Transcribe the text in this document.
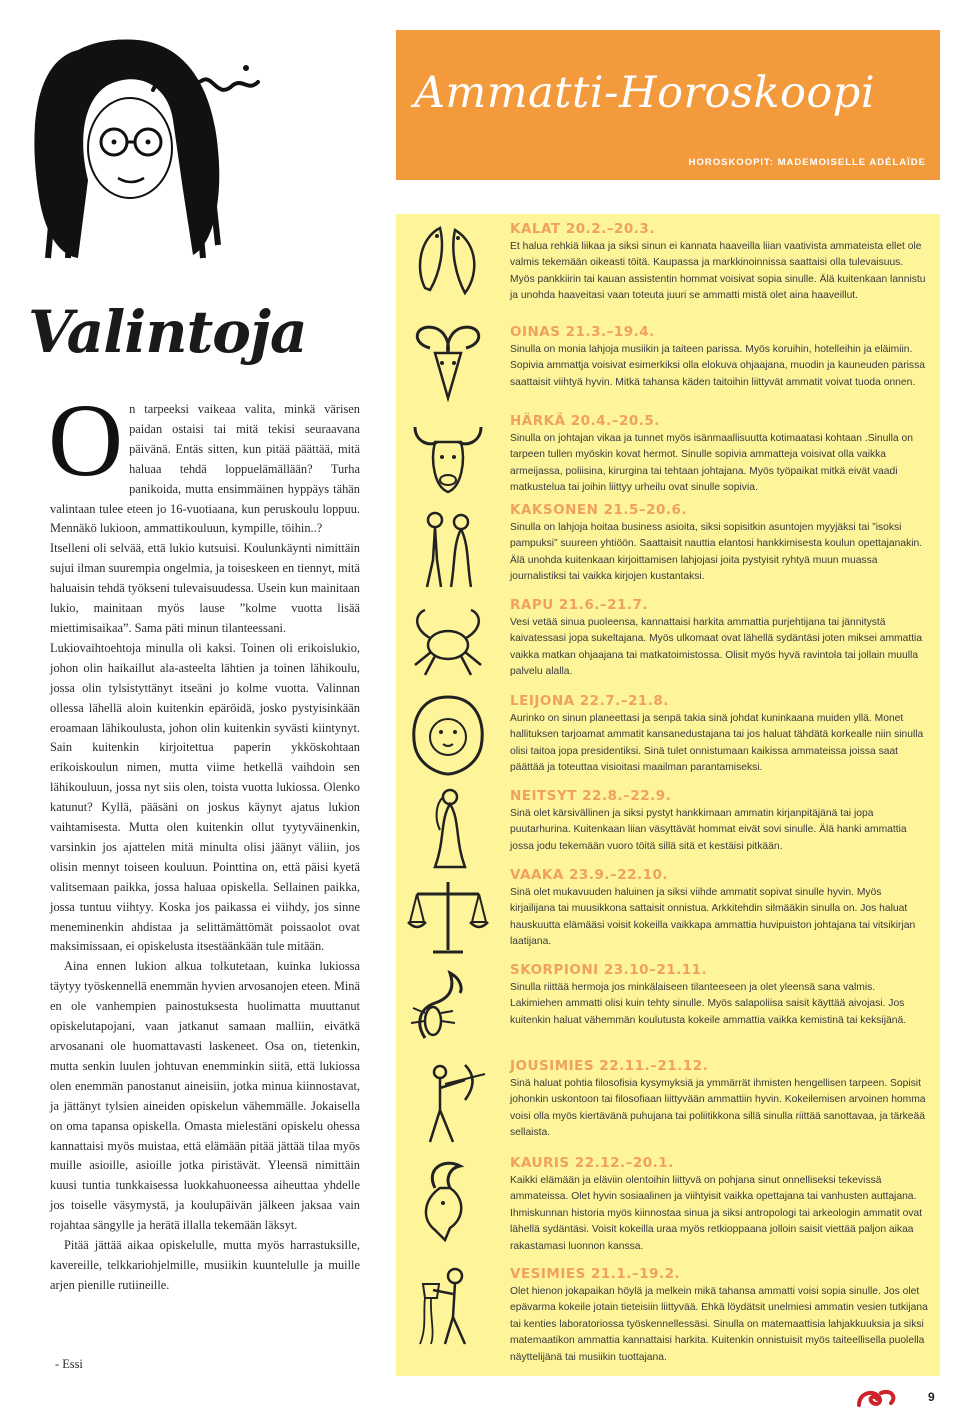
Valintoja

On tarpeeksi vaikeaa valita, minkä värisen paidan ostaisi tai mitä tekisi seuraavana päivänä. Entäs sitten, kun pitää päättää, mitä haluaa tehdä loppuelämällään? Turha panikoida, mutta ensimmäinen hyppäys tähän valintaan tulee eteen jo 16-vuotiaana, kun peruskoulu loppuu. Mennäkö lukioon, ammattikouluun, kympille, töihin..?

Itselleni oli selvää, että lukio kutsuisi. Koulunkäynti nimittäin sujui ilman suurempia ongelmia, ja toiseskeen en tiennyt, mitä haluaisin tehdä työkseni tulevaisuudessa. Usein kun mainitaan lukio, mainitaan myös lause ”kolme vuotta lisää miettimisaikaa”. Sama päti minun tilanteessani.

Lukiovaihtoehtoja minulla oli kaksi. Toinen oli erikoislukio, johon olin haikaillut ala-asteelta lähtien ja toinen lähikoulu, jossa olin tylsistyttänyt itseäni jo kolme vuotta. Valinnan ollessa lähellä aloin kuitenkin epäröidä, josko pystyisinkään eroamaan lähikoulusta, johon olin kuitenkin syvästi kiintynyt. Sain kuitenkin kirjoitettua paperin ykköskohtaan erikoiskoulun nimen, mutta viime hetkellä vaihdoin sen lähikouluun, jossa nyt siis olen, toista vuotta lukiossa. Olenko katunut? Kyllä, pääsäni on joskus käynyt ajatus lukion vaihtamisesta. Mutta olen kuitenkin ollut tyytyväinenkin, varsinkin jos ajattelen mitä minulta olisi jäänyt väliin, jos olisin mennyt toiseen kouluun. Pointtina on, että päisi kyetä valitsemaan paikka, jossa haluaa opiskella. Sellainen paikka, jossa tuntuu viihtyy. Koska jos paikassa ei viihdy, jos sinne meneminenkin ahdistaa ja selittämättömät poissaolot ovat maksimissaan, ei opiskelusta itsestäänkään tule mitään.

Aina ennen lukion alkua tolkutetaan, kuinka lukiossa täytyy työskennellä enemmän hyvien arvosanojen eteen. Minä en ole vanhempien painostuksesta huolimatta muuttanut opiskelutapojani, vaan jatkanut samaan malliin, eivätkä arvosanani ole huomattavasti laskeneet. Osa on, tietenkin, mutta senkin luulen johtuvan enemminkin siitä, että lukiossa olen enemmän panostanut aineisiin, jotka minua kiinnostavat, ja jättänyt tylsien aineiden opiskelun vähemmälle. Jokaisella on oma tapansa opiskella. Omasta mielestäni opiskelu ohessa kannattaisi myös muistaa, että elämään pitää jättää tilaa myös muille asioille, asioille jotka piristävät. Yleensä nimittäin kuusi tuntia tunkkaisessa luokkahuoneessa aiheuttaa yhdelle jos toiselle väsymystä, ja koulupäivän jälkeen jaksaa vain rojahtaa sängylle ja herätä illalla tekemään läksyt.

Pitää jättää aikaa opiskelulle, mutta myös harrastuksille, kavereille, telkkariohjelmille, musiikin kuuntelulle ja muille arjen pienille rutiineille.

- Essi
Ammatti-Horoskoopi
HOROSKOOPIT: MADEMOISELLE ADÉLAÏDE
KALAT 20.2.–20.3.

Et halua rehkiä liikaa ja siksi sinun ei kannata haaveilla liian vaativista ammateista ellet ole valmis tekemään oikeasti töitä. Kaupassa ja markkinoinnissa saattaisi olla tulevaisuus. Myös pankkiirin tai kauan assistentin hommat voisivat sopia sinulle. Älä kuitenkaan lannistu ja unohda haaveitasi vaan toteuta juuri se ammatti mistä olet aina haaveillut.

OINAS 21.3.–19.4.

Sinulla on monia lahjoja musiikin ja taiteen parissa. Myös koruihin, hotelleihin ja eläimiin. Sopivia ammattja voisivat esimerkiksi olla elokuva ohjaajana, muodin ja kauneuden parissa saattaisit viihtyä hyvin. Mitkä tahansa käden taitoihin liittyvät ammatit voivat tuoda onnen.

HÄRKÄ 20.4.–20.5.

Sinulla on johtajan vikaa ja tunnet myös isänmaallisuutta kotimaatasi kohtaan .Sinulla on tarpeen tullen myöskin kovat hermot. Sinulle sopivia ammatteja voisivat olla vaikka armeijassa, poliisina, kirurgina tai tehtaan johtajana. Myös työpaikat mitkä eivät vaadi matkustelua tai joihin liittyy urheilu ovat sinulle sopivia.

KAKSONEN 21.5–20.6.

Sinulla on lahjoja hoitaa business asioita, siksi sopisitkin asuntojen myyjäksi tai ”isoksi pampuksi” suureen yhtiöön. Saattaisit nauttia elantosi hankkimisesta koulun opettajanakin. Älä unohda kuitenkaan kirjoittamisen lahjojasi joita pystyisit ryhtyä muun muassa journalistiksi tai vaikka kirjojen kustantaksi.

RAPU 21.6.–21.7.

Vesi vetää sinua puoleensa, kannattaisi harkita ammattia purjehtijana tai jännitystä kaivatessasi jopa sukeltajana. Myös ulkomaat ovat lähellä sydäntäsi joten miksei ammattia vaikka matkan ohjaajana tai matkatoimistossa. Olisit myös hyvä ravintola tai jollain muulla palvelu alalla.

LEIJONA 22.7.–21.8.

Aurinko on sinun planeettasi ja senpä takia sinä johdat kuninkaana muiden yllä. Monet hallituksen tarjoamat ammatit kansanedustajana tai jos haluat tähdätä korkealle niin sinulla olisi taitoa jopa presidentiksi. Sinä tulet onnistumaan kaikissa ammateissa joissa saat päättää ja toteuttaa visioitasi maailman parantamiseksi.

NEITSYT 22.8.–22.9.

Sinä olet kärsivällinen ja siksi pystyt hankkimaan ammatin kirjanpitäjänä tai jopa puutarhurina. Kuitenkaan liian väsyttävät hommat eivät sovi sinulle. Älä hanki ammattia jossa jodu tekemään vuoro töitä sillä sitä et kestäisi pitkään.

VAAKA 23.9.–22.10.

Sinä olet mukavuuden haluinen ja siksi viihde ammatit sopivat sinulle hyvin. Myös kirjailijana tai muusikkona sattaisit onnistua. Arkkitehdin silmääkin sinulla on. Jos haluat hauskuutta elämääsi voisit kokeilla vaikkapa ammattia huvipuiston johtajana tai vitsikirjan laatijana.

SKORPIONI 23.10–21.11.

Sinulla riittää hermoja jos minkälaiseen tilanteeseen ja olet yleensä sana valmis. Lakimiehen ammatti olisi kuin tehty sinulle. Myös salapoliisa saisit käyttää aivojasi. Jos kuitenkin haluat vähemmän koulutusta kokeile ammattia vaikka kemistinä tai keksijänä.

JOUSIMIES 22.11.–21.12.

Sinä haluat pohtia filosofisia kysymyksiä ja ymmärrät ihmisten hengellisen tarpeen. Sopisit johonkin uskontoon tai filosofiaan liittyvään ammattiin hyvin. Kokeilemisen arvoinen homma voisi olla myös kiertävänä puhujana tai poliitikkona sillä sinulla riittää sanottavaa, ja tärkeää sellaista.

KAURIS 22.12.–20.1.

Kaikki elämään ja eläviin olentoihin liittyvä on pohjana sinut onnelliseksi tekevissä ammateissa. Olet hyvin sosiaalinen ja viihtyisit vaikka opettajana tai vanhusten auttajana. Ihmiskunnan historia myös kiinnostaa sinua ja siksi antropologi tai arkeologin ammatit ovat lähellä sydäntäsi. Voisit kokeilla uraa myös retkioppaana jolloin saisit viettää paljon aikaa rakastamasi luonnon kanssa.

VESIMIES 21.1.–19.2.

Olet hienon jokapaikan höylä ja melkein mikä tahansa ammatti voisi sopia sinulle. Jos olet epävarma kokeile jotain tieteisiin liittyvää. Ehkä löydätsit unelmiesi ammatin vesien tutkijana tai kenties laboratoriossa työskennellessäsi. Sinulla on matemaattisia lahjakkuuksia ja siksi matemaatikon ammattia kannattaisi harkita. Kuitenkin onnistuisit myös taiteellisella puolella näyttelijänä tai musiikin tuottajana.

9
